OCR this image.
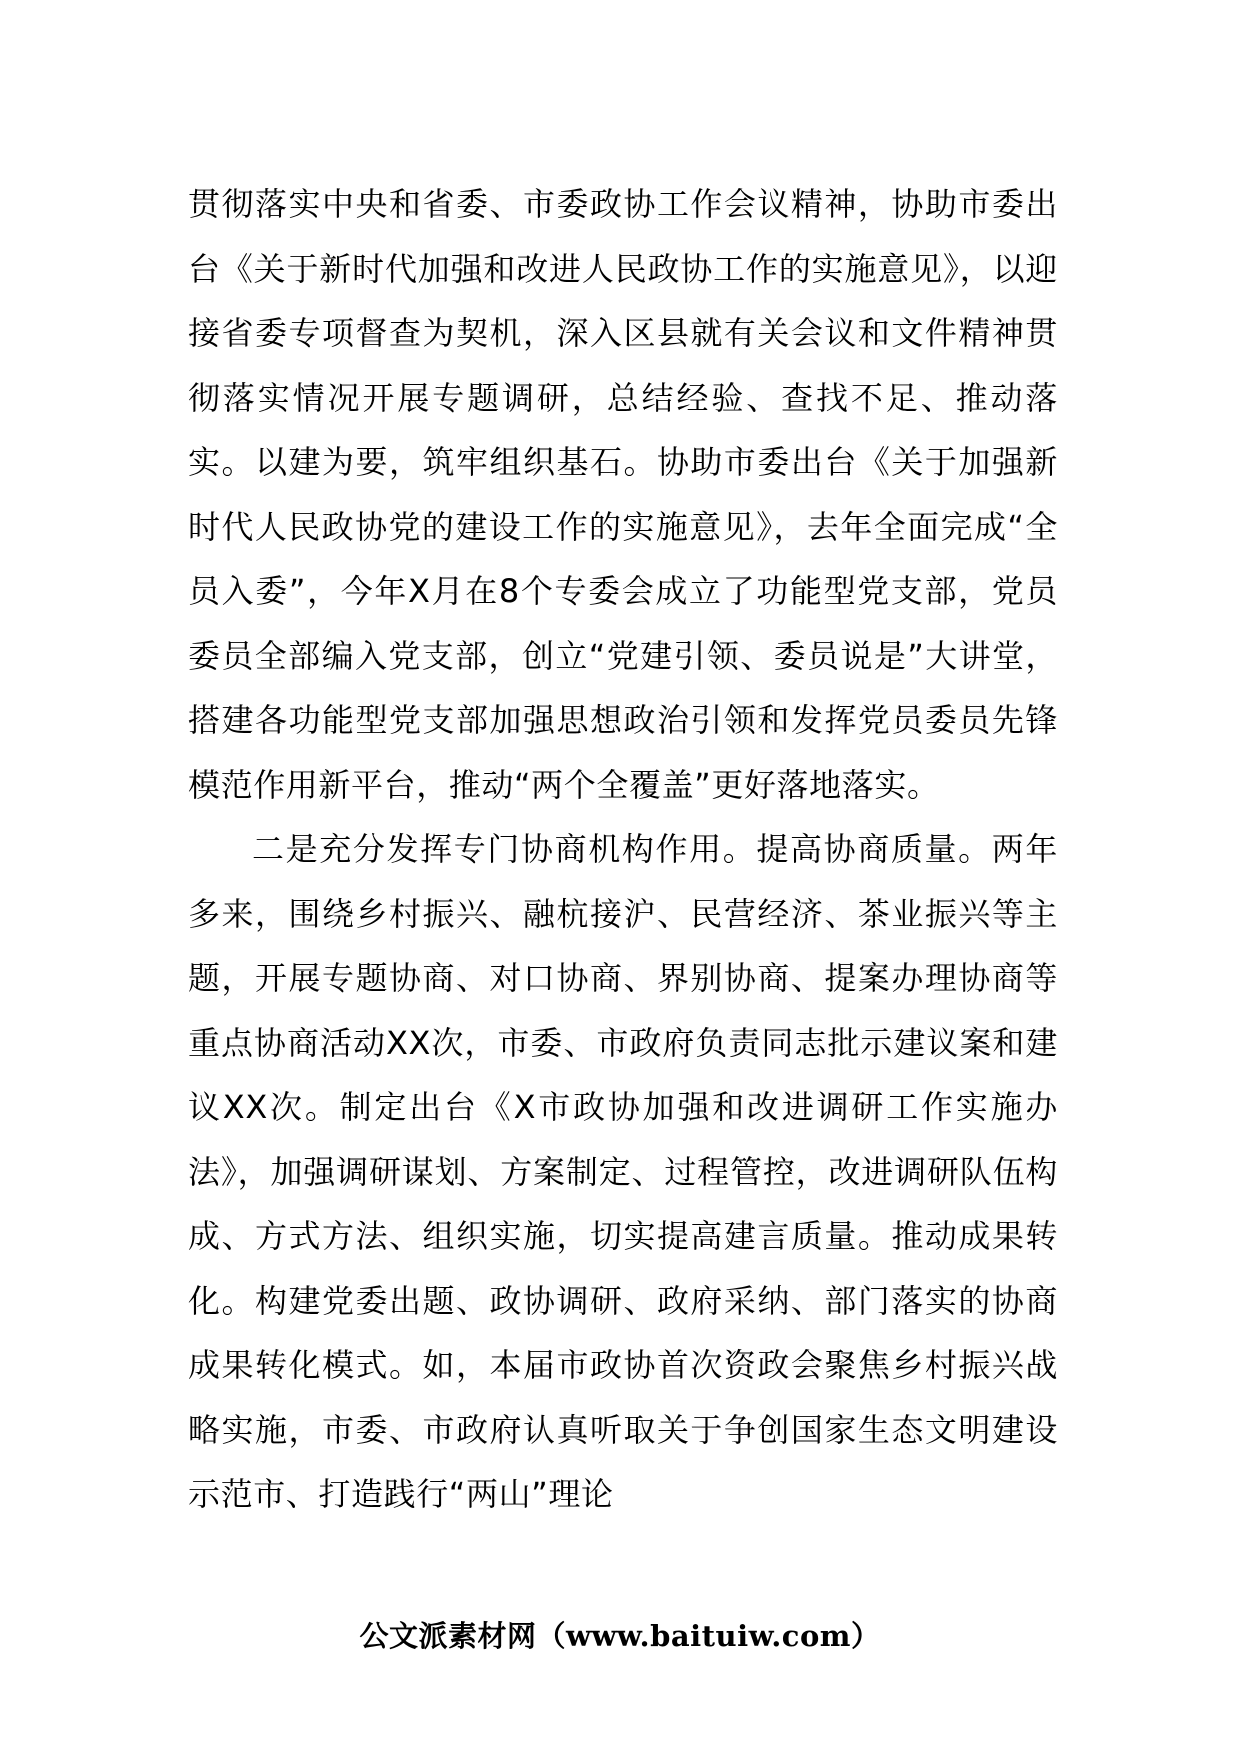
贯彻落实中央和省委、市委政协工作会议精神，协助市委出台《关于新时代加强和改进人民政协工作的实施意见》，以迎接省委专项督查为契机，深入区县就有关会议和文件精神贯彻落实情况开展专题调研，总结经验、查找不足、推动落实。以建为要，筑牢组织基石。协助市委出台《关于加强新时代人民政协党的建设工作的实施意见》，去年全面完成“全员入委”，今年X月在8个专委会成立了功能型党支部，党员委员全部编入党支部，创立“党建引领、委员说是”大讲堂，搭建各功能型党支部加强思想政治引领和发挥党员委员先锋模范作用新平台，推动“两个全覆盖”更好落地落实。

二是充分发挥专门协商机构作用。提高协商质量。两年多来，围绕乡村振兴、融杭接沪、民营经济、茶业振兴等主题，开展专题协商、对口协商、界别协商、提案办理协商等重点协商活动XX次，市委、市政府负责同志批示建议案和建议XX次。制定出台《X市政协加强和改进调研工作实施办法》，加强调研谋划、方案制定、过程管控，改进调研队伍构成、方式方法、组织实施，切实提高建言质量。推动成果转化。构建党委出题、政协调研、政府采纳、部门落实的协商成果转化模式。如，本届市政协首次资政会聚焦乡村振兴战略实施，市委、市政府认真听取关于争创国家生态文明建设示范市、打造践行“两山”理论

公文派素材网（www.baituiw.com）
